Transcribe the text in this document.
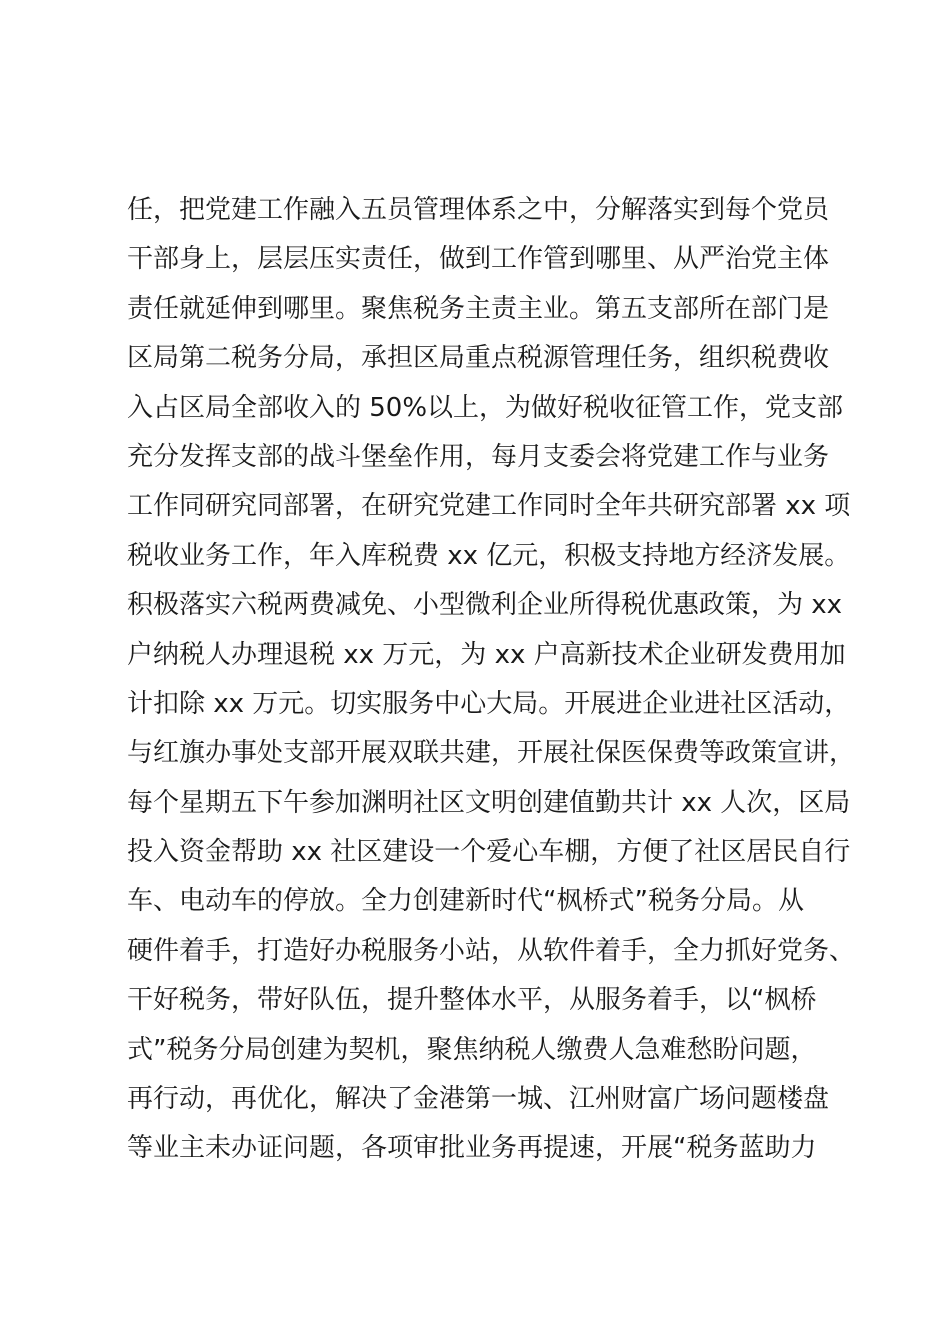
任，把党建工作融入五员管理体系之中，分解落实到每个党员
干部身上，层层压实责任，做到工作管到哪里、从严治党主体
责任就延伸到哪里。聚焦税务主责主业。第五支部所在部门是
区局第二税务分局，承担区局重点税源管理任务，组织税费收
入占区局全部收入的 50%以上，为做好税收征管工作，党支部
充分发挥支部的战斗堡垒作用，每月支委会将党建工作与业务
工作同研究同部署，在研究党建工作同时全年共研究部署 xx 项
税收业务工作，年入库税费 xx 亿元，积极支持地方经济发展。
积极落实六税两费减免、小型微利企业所得税优惠政策，为 xx
户纳税人办理退税 xx 万元，为 xx 户高新技术企业研发费用加
计扣除 xx 万元。切实服务中心大局。开展进企业进社区活动，
与红旗办事处支部开展双联共建，开展社保医保费等政策宣讲，
每个星期五下午参加渊明社区文明创建值勤共计 xx 人次，区局
投入资金帮助 xx 社区建设一个爱心车棚，方便了社区居民自行
车、电动车的停放。全力创建新时代“枫桥式”税务分局。从
硬件着手，打造好办税服务小站，从软件着手，全力抓好党务、
干好税务，带好队伍，提升整体水平，从服务着手，以“枫桥
式”税务分局创建为契机，聚焦纳税人缴费人急难愁盼问题，
再行动，再优化，解决了金港第一城、江州财富广场问题楼盘
等业主未办证问题，各项审批业务再提速，开展“税务蓝助力
